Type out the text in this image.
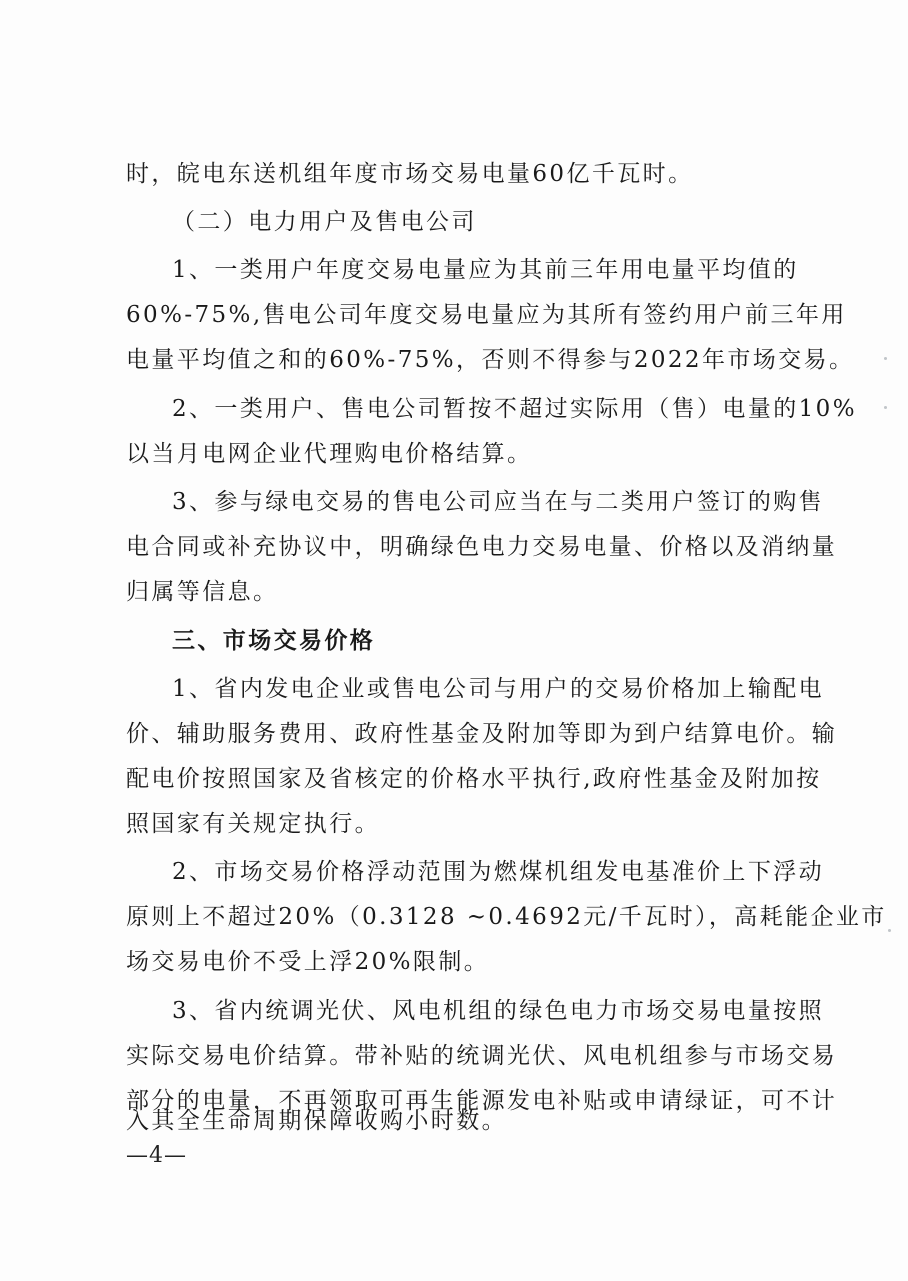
时，皖电东送机组年度市场交易电量60亿千瓦时。
（二）电力用户及售电公司
1、一类用户年度交易电量应为其前三年用电量平均值的
60%-75%,售电公司年度交易电量应为其所有签约用户前三年用
电量平均值之和的60%-75%，否则不得参与2022年市场交易。
2、一类用户、售电公司暂按不超过实际用（售）电量的10%
以当月电网企业代理购电价格结算。
3、参与绿电交易的售电公司应当在与二类用户签订的购售
电合同或补充协议中，明确绿色电力交易电量、价格以及消纳量
归属等信息。
三、市场交易价格
1、省内发电企业或售电公司与用户的交易价格加上输配电
价、辅助服务费用、政府性基金及附加等即为到户结算电价。输
配电价按照国家及省核定的价格水平执行,政府性基金及附加按
照国家有关规定执行。
2、市场交易价格浮动范围为燃煤机组发电基准价上下浮动
原则上不超过20%（0.3128 ~0.4692元/千瓦时），高耗能企业市
场交易电价不受上浮20%限制。
3、省内统调光伏、风电机组的绿色电力市场交易电量按照
实际交易电价结算。带补贴的统调光伏、风电机组参与市场交易
部分的电量，不再领取可再生能源发电补贴或申请绿证，可不计
入其全生命周期保障收购小时数。
—4—
